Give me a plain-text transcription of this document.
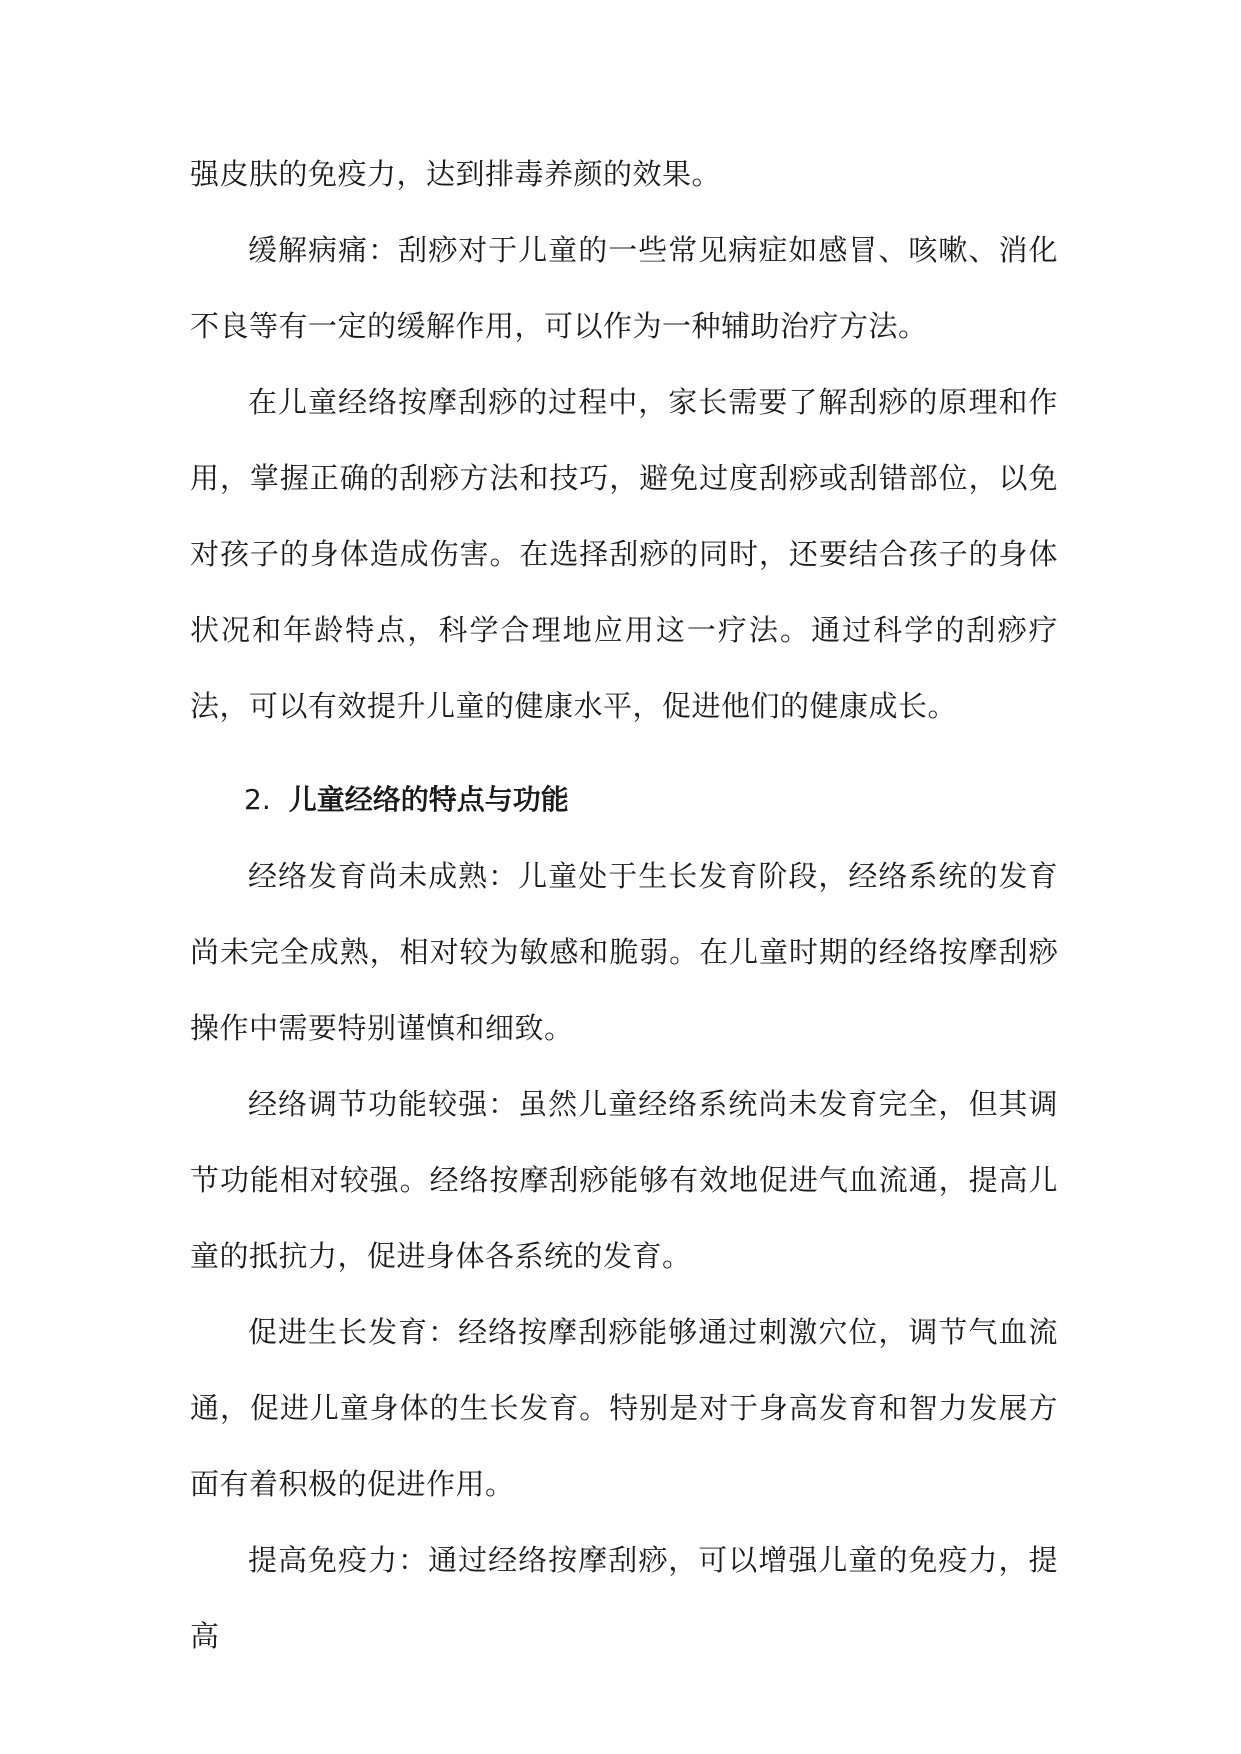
强皮肤的免疫力，达到排毒养颜的效果。

缓解病痛：刮痧对于儿童的一些常见病症如感冒、咳嗽、消化不良等有一定的缓解作用，可以作为一种辅助治疗方法。

在儿童经络按摩刮痧的过程中，家长需要了解刮痧的原理和作用，掌握正确的刮痧方法和技巧，避免过度刮痧或刮错部位，以免对孩子的身体造成伤害。在选择刮痧的同时，还要结合孩子的身体状况和年龄特点，科学合理地应用这一疗法。通过科学的刮痧疗法，可以有效提升儿童的健康水平，促进他们的健康成长。

2. 儿童经络的特点与功能

经络发育尚未成熟：儿童处于生长发育阶段，经络系统的发育尚未完全成熟，相对较为敏感和脆弱。在儿童时期的经络按摩刮痧操作中需要特别谨慎和细致。

经络调节功能较强：虽然儿童经络系统尚未发育完全，但其调节功能相对较强。经络按摩刮痧能够有效地促进气血流通，提高儿童的抵抗力，促进身体各系统的发育。

促进生长发育：经络按摩刮痧能够通过刺激穴位，调节气血流通，促进儿童身体的生长发育。特别是对于身高发育和智力发展方面有着积极的促进作用。

提高免疫力：通过经络按摩刮痧，可以增强儿童的免疫力，提高
